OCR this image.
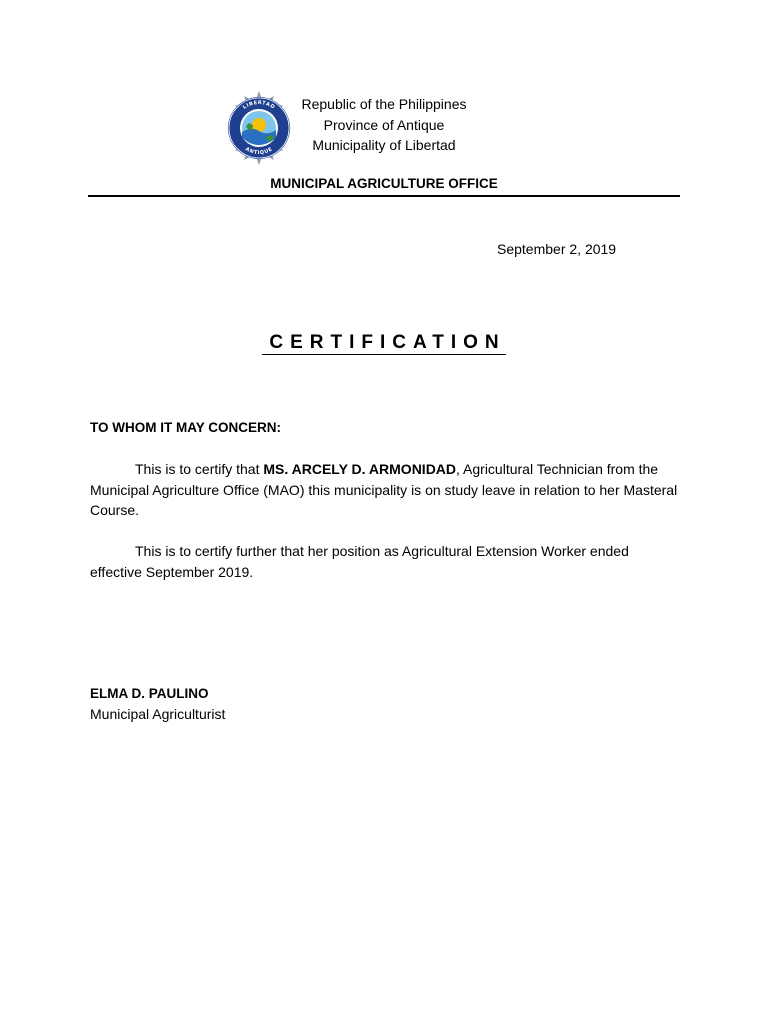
LIBERTAD
ANTIQUE
Republic of the Philippines
Province of Antique
Municipality of Libertad
MUNICIPAL AGRICULTURE OFFICE
September 2, 2019
CERTIFICATION
TO WHOM IT MAY CONCERN:
This is to certify that MS. ARCELY D. ARMONIDAD, Agricultural Technician from the Municipal Agriculture Office (MAO) this municipality is on study leave in relation to her Masteral Course.
This is to certify further that her position as Agricultural Extension Worker ended effective September 2019.
ELMA D. PAULINO
Municipal Agriculturist
